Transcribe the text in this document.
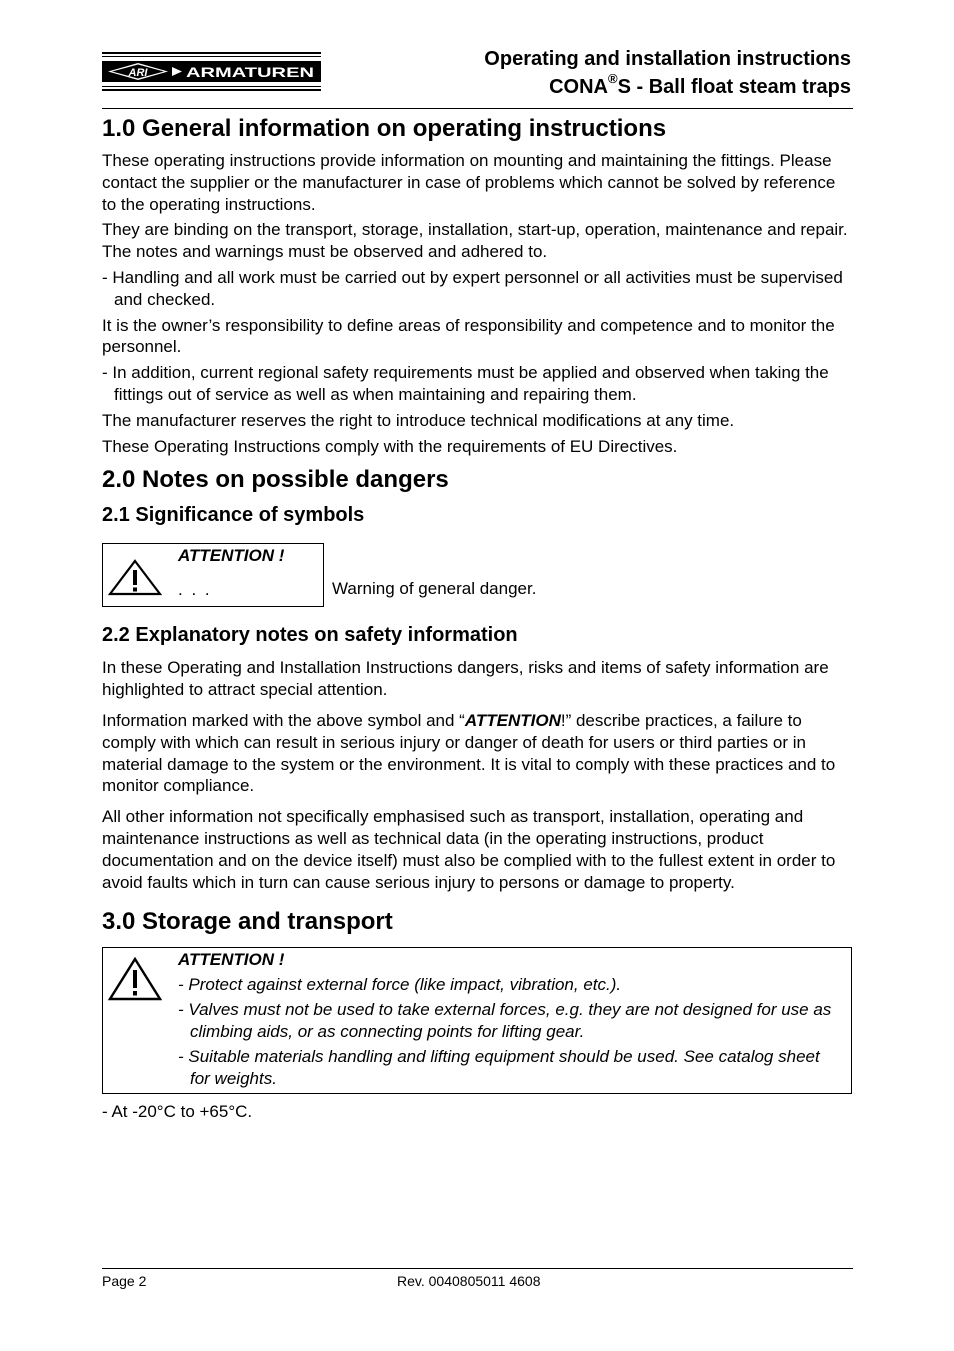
ARI	ARMATUREN
Operating and installation instructions
CONA®S - Ball float steam traps
1.0 General information on operating instructions

These operating instructions provide information on mounting and maintaining the fittings. Please contact the supplier or the manufacturer in case of problems which cannot be solved by reference to the operating instructions.

They are binding on the transport, storage, installation, start-up, operation, maintenance and repair.

The notes and warnings must be observed and adhered to.

- Handling and all work must be carried out by expert personnel or all activities must be supervised and checked.

It is the owner’s responsibility to define areas of responsibility and competence and to monitor the personnel.

- In addition, current regional safety requirements must be applied and observed when taking the fittings out of service as well as when maintaining and repairing them.

The manufacturer reserves the right to introduce technical modifications at any time.

These Operating Instructions comply with the requirements of EU Directives.

2.0 Notes on possible dangers
2.1 Significance of symbols
ATTENTION !
. . .	Warning of general danger.
2.2 Explanatory notes on safety information

In these Operating and Installation Instructions dangers, risks and items of safety information are highlighted to attract special attention.

Information marked with the above symbol and “ATTENTION!” describe practices, a failure to comply with which can result in serious injury or danger of death for users or third parties or in material damage to the system or the environment. It is vital to comply with these practices and to monitor compliance.

All other information not specifically emphasised such as transport, installation, operating and maintenance instructions as well as technical data (in the operating instructions, product documentation and on the device itself) must also be complied with to the fullest extent in order to avoid faults which in turn can cause serious injury to persons or damage to property.

3.0 Storage and transport

ATTENTION !

- Protect against external force (like impact, vibration, etc.).

- Valves must not be used to take external forces, e.g. they are not designed for use as climbing aids, or as connecting points for lifting gear.

- Suitable materials handling and lifting equipment should be used. See catalog sheet for weights.

- At -20°C to +65°C.

Page 2	Rev. 0040805011 4608
